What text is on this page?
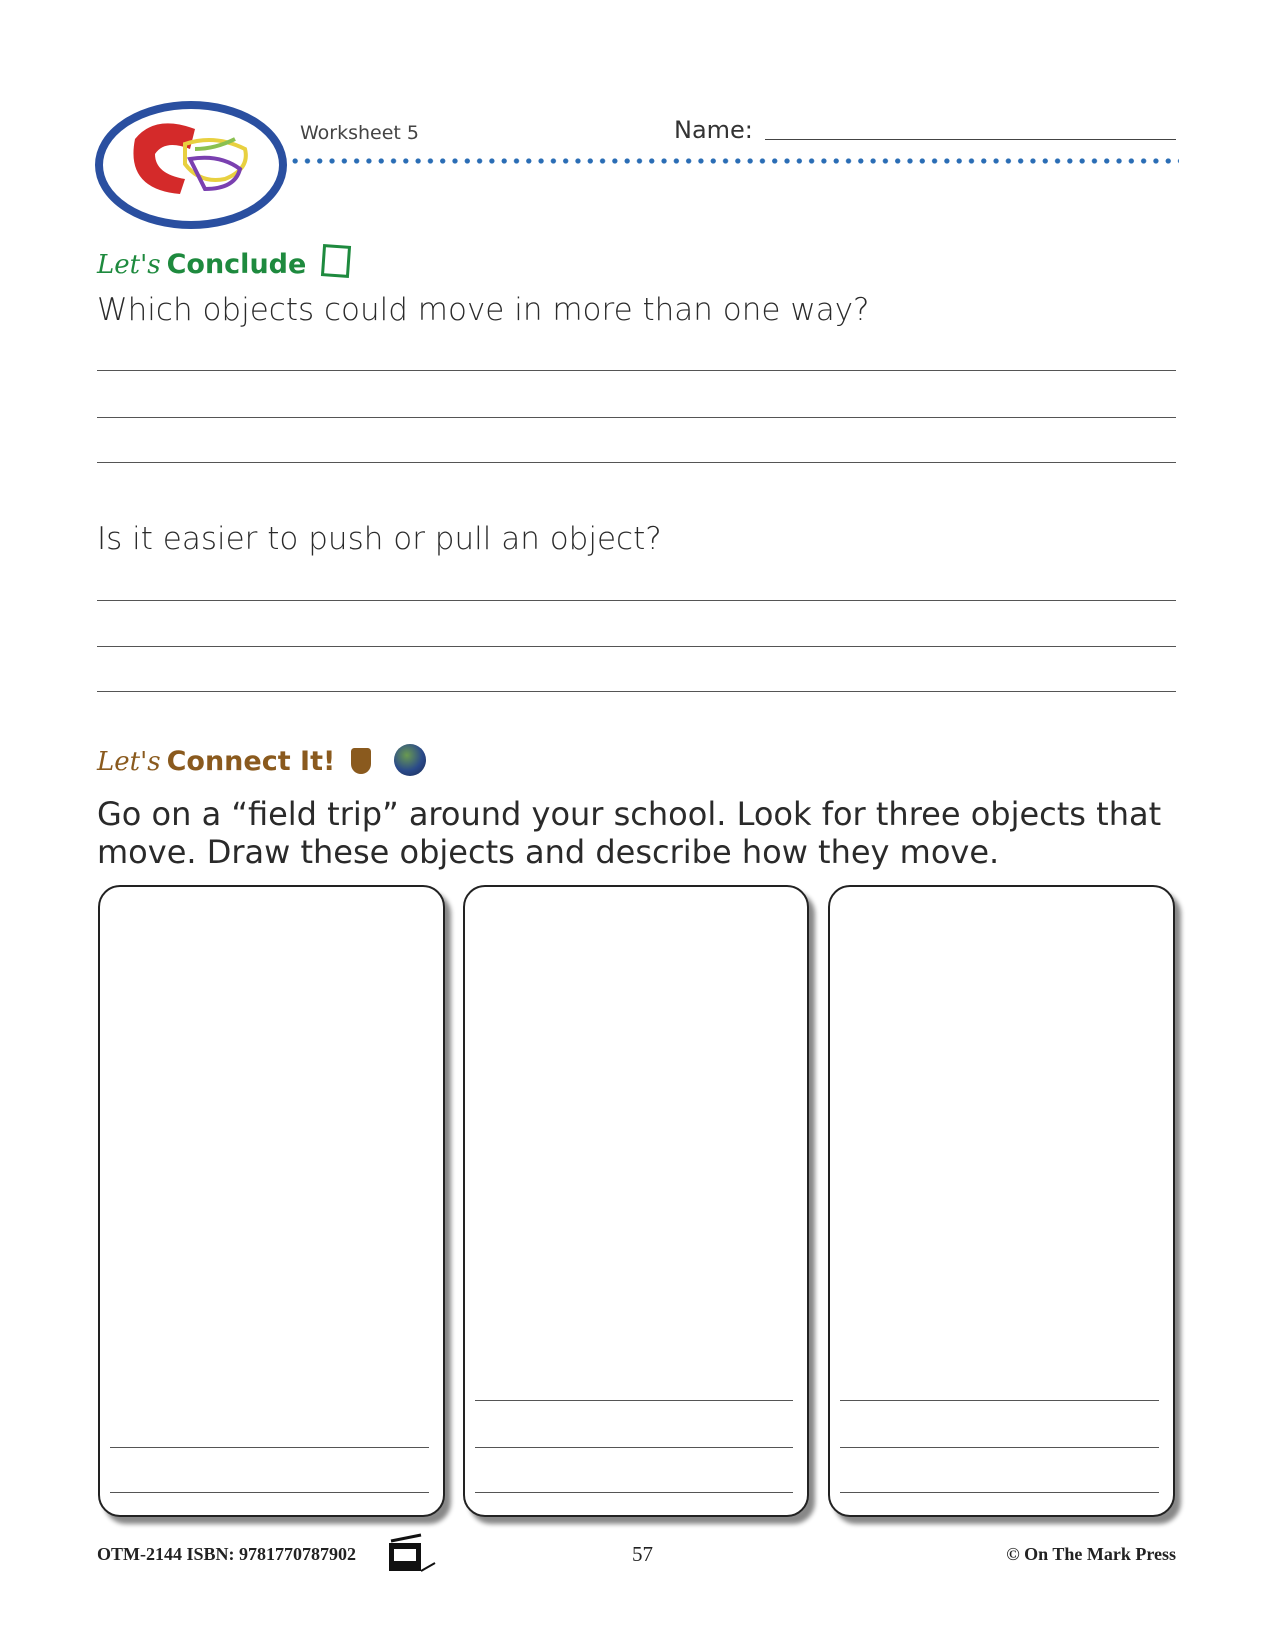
Worksheet 5	Name:
Let's Conclude
Which objects could move in more than one way?
Is it easier to push or pull an object?
Let's Connect It!
Go on a “field trip” around your school. Look for three objects that move. Draw these objects and describe how they move.
OTM-2144 ISBN: 9781770787902	57	© On The Mark Press
